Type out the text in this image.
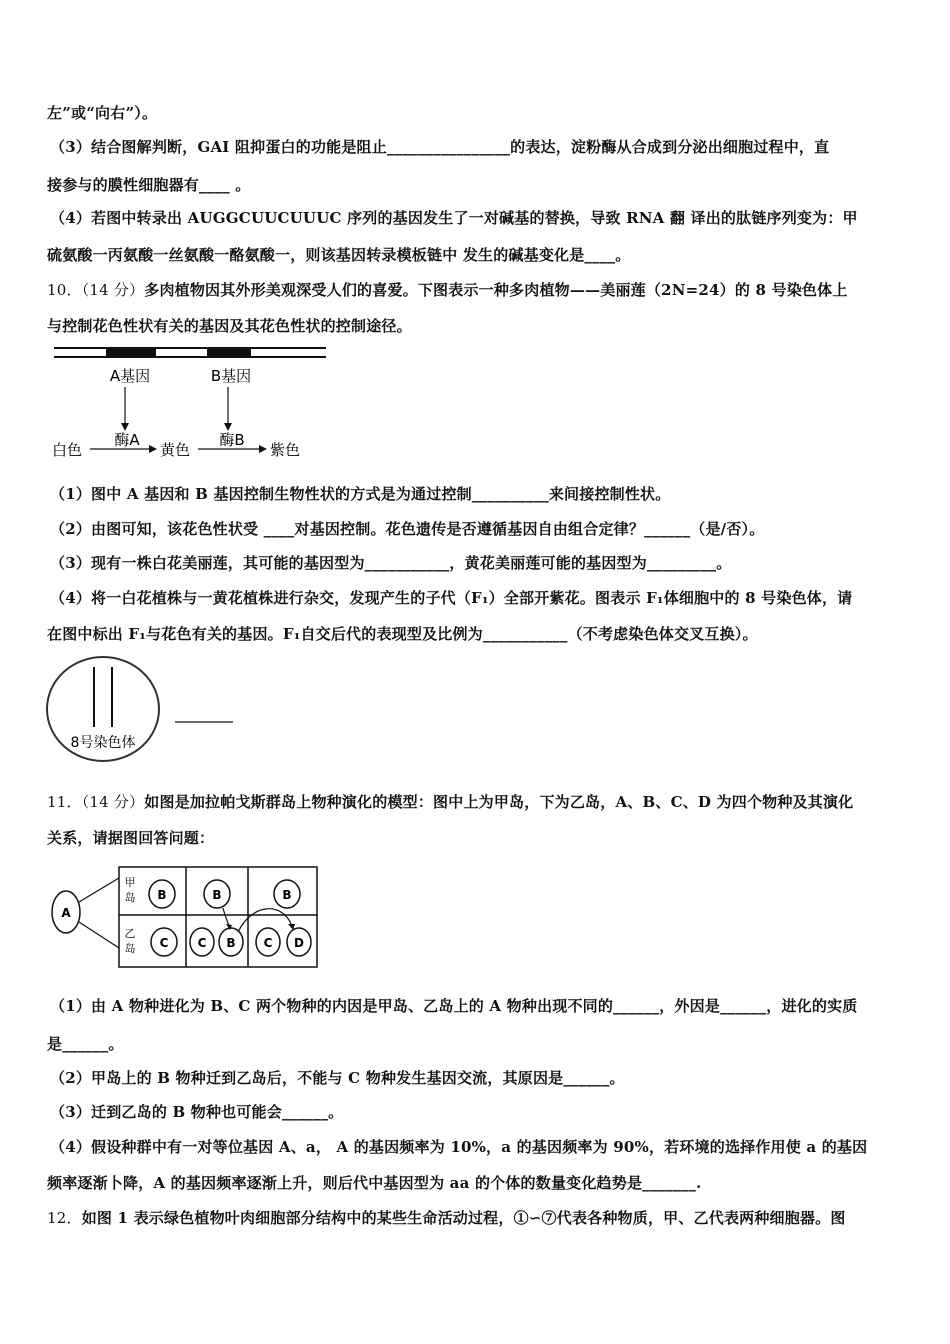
左”或“向右”）。
（3）结合图解判断，GAI 阻抑蛋白的功能是阻止________________的表达，淀粉酶从合成到分泌出细胞过程中，直
接参与的膜性细胞器有____ 。
（4）若图中转录出 AUGGCUUCUUUC 序列的基因发生了一对碱基的替换，导致 RNA 翻 译出的肽链序列变为：甲
硫氨酸一丙氨酸一丝氨酸一酪氨酸一，则该基因转录模板链中 发生的碱基变化是____。
10．（14 分）多肉植物因其外形美观深受人们的喜爱。下图表示一种多肉植物——美丽莲（2N=24）的 8 号染色体上
与控制花色性状有关的基因及其花色性状的控制途径。
A基因	B基因
酶A	酶B
白色	黄色	紫色
（1）图中 A 基因和 B 基因控制生物性状的方式是为通过控制__________来间接控制性状。
（2）由图可知，该花色性状受 ____对基因控制。花色遗传是否遵循基因自由组合定律？______（是/否）。
（3）现有一株白花美丽莲，其可能的基因型为___________，黄花美丽莲可能的基因型为_________。
（4）将一白花植株与一黄花植株进行杂交，发现产生的子代（F₁）全部开紫花。图表示 F₁体细胞中的 8 号染色体，请
在图中标出 F₁与花色有关的基因。F₁自交后代的表现型及比例为___________（不考虑染色体交叉互换）。
8号染色体
11．（14 分）如图是加拉帕戈斯群岛上物种演化的模型：图中上为甲岛，下为乙岛，A、B、C、D 为四个物种及其演化
关系，请据图回答问题：
A
甲
岛
乙
岛
B	B	B
C C B C D
（1）由 A 物种进化为 B、C 两个物种的内因是甲岛、乙岛上的 A 物种出现不同的______，外因是______，进化的实质
是______。
（2）甲岛上的 B 物种迁到乙岛后，不能与 C 物种发生基因交流，其原因是______。
（3）迁到乙岛的 B 物种也可能会______。
（4）假设种群中有一对等位基因 A、a， A 的基因频率为 10%，a 的基因频率为 90%，若环境的选择作用使 a 的基因
频率逐渐卜降，A 的基因频率逐渐上升，则后代中基因型为 aa 的个体的数量变化趋势是_______.
12．如图 1 表示绿色植物叶肉细胞部分结构中的某些生命活动过程，①∽⑦代表各种物质，甲、乙代表两种细胞器。图
